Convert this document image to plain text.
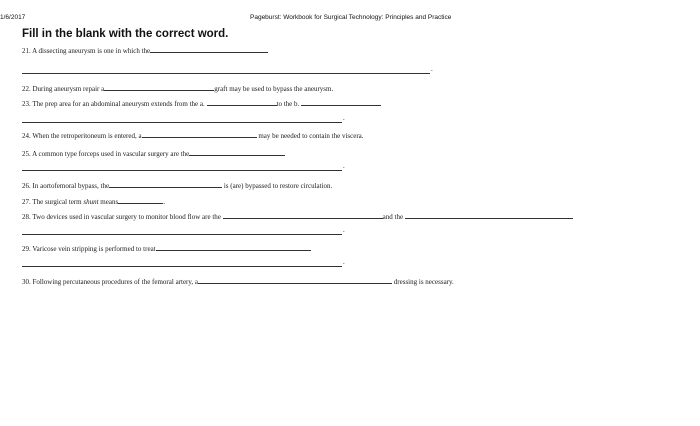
1/6/2017	Pageburst: Workbook for Surgical Technology: Principles and Practice
Fill in the blank with the correct word.
21. A dissecting aneurysm is one in which the
.
22. During aneurysm repair a	graft may be used to bypass the aneurysm.
23. The prep area for an abdominal aneurysm extends from the a.	to the b.
.
24. When the retroperitoneum is entered, a	may be needed to contain the viscera.
25. A common type forceps used in vascular surgery are the
.
26. In aortofemoral bypass, the	is (are) bypassed to restore circulation.
27. The surgical term shunt means	.
28. Two devices used in vascular surgery to monitor blood flow are the	and the
.
29. Varicose vein stripping is performed to treat
.
30. Following percutaneous procedures of the femoral artery, a	dressing is necessary.
